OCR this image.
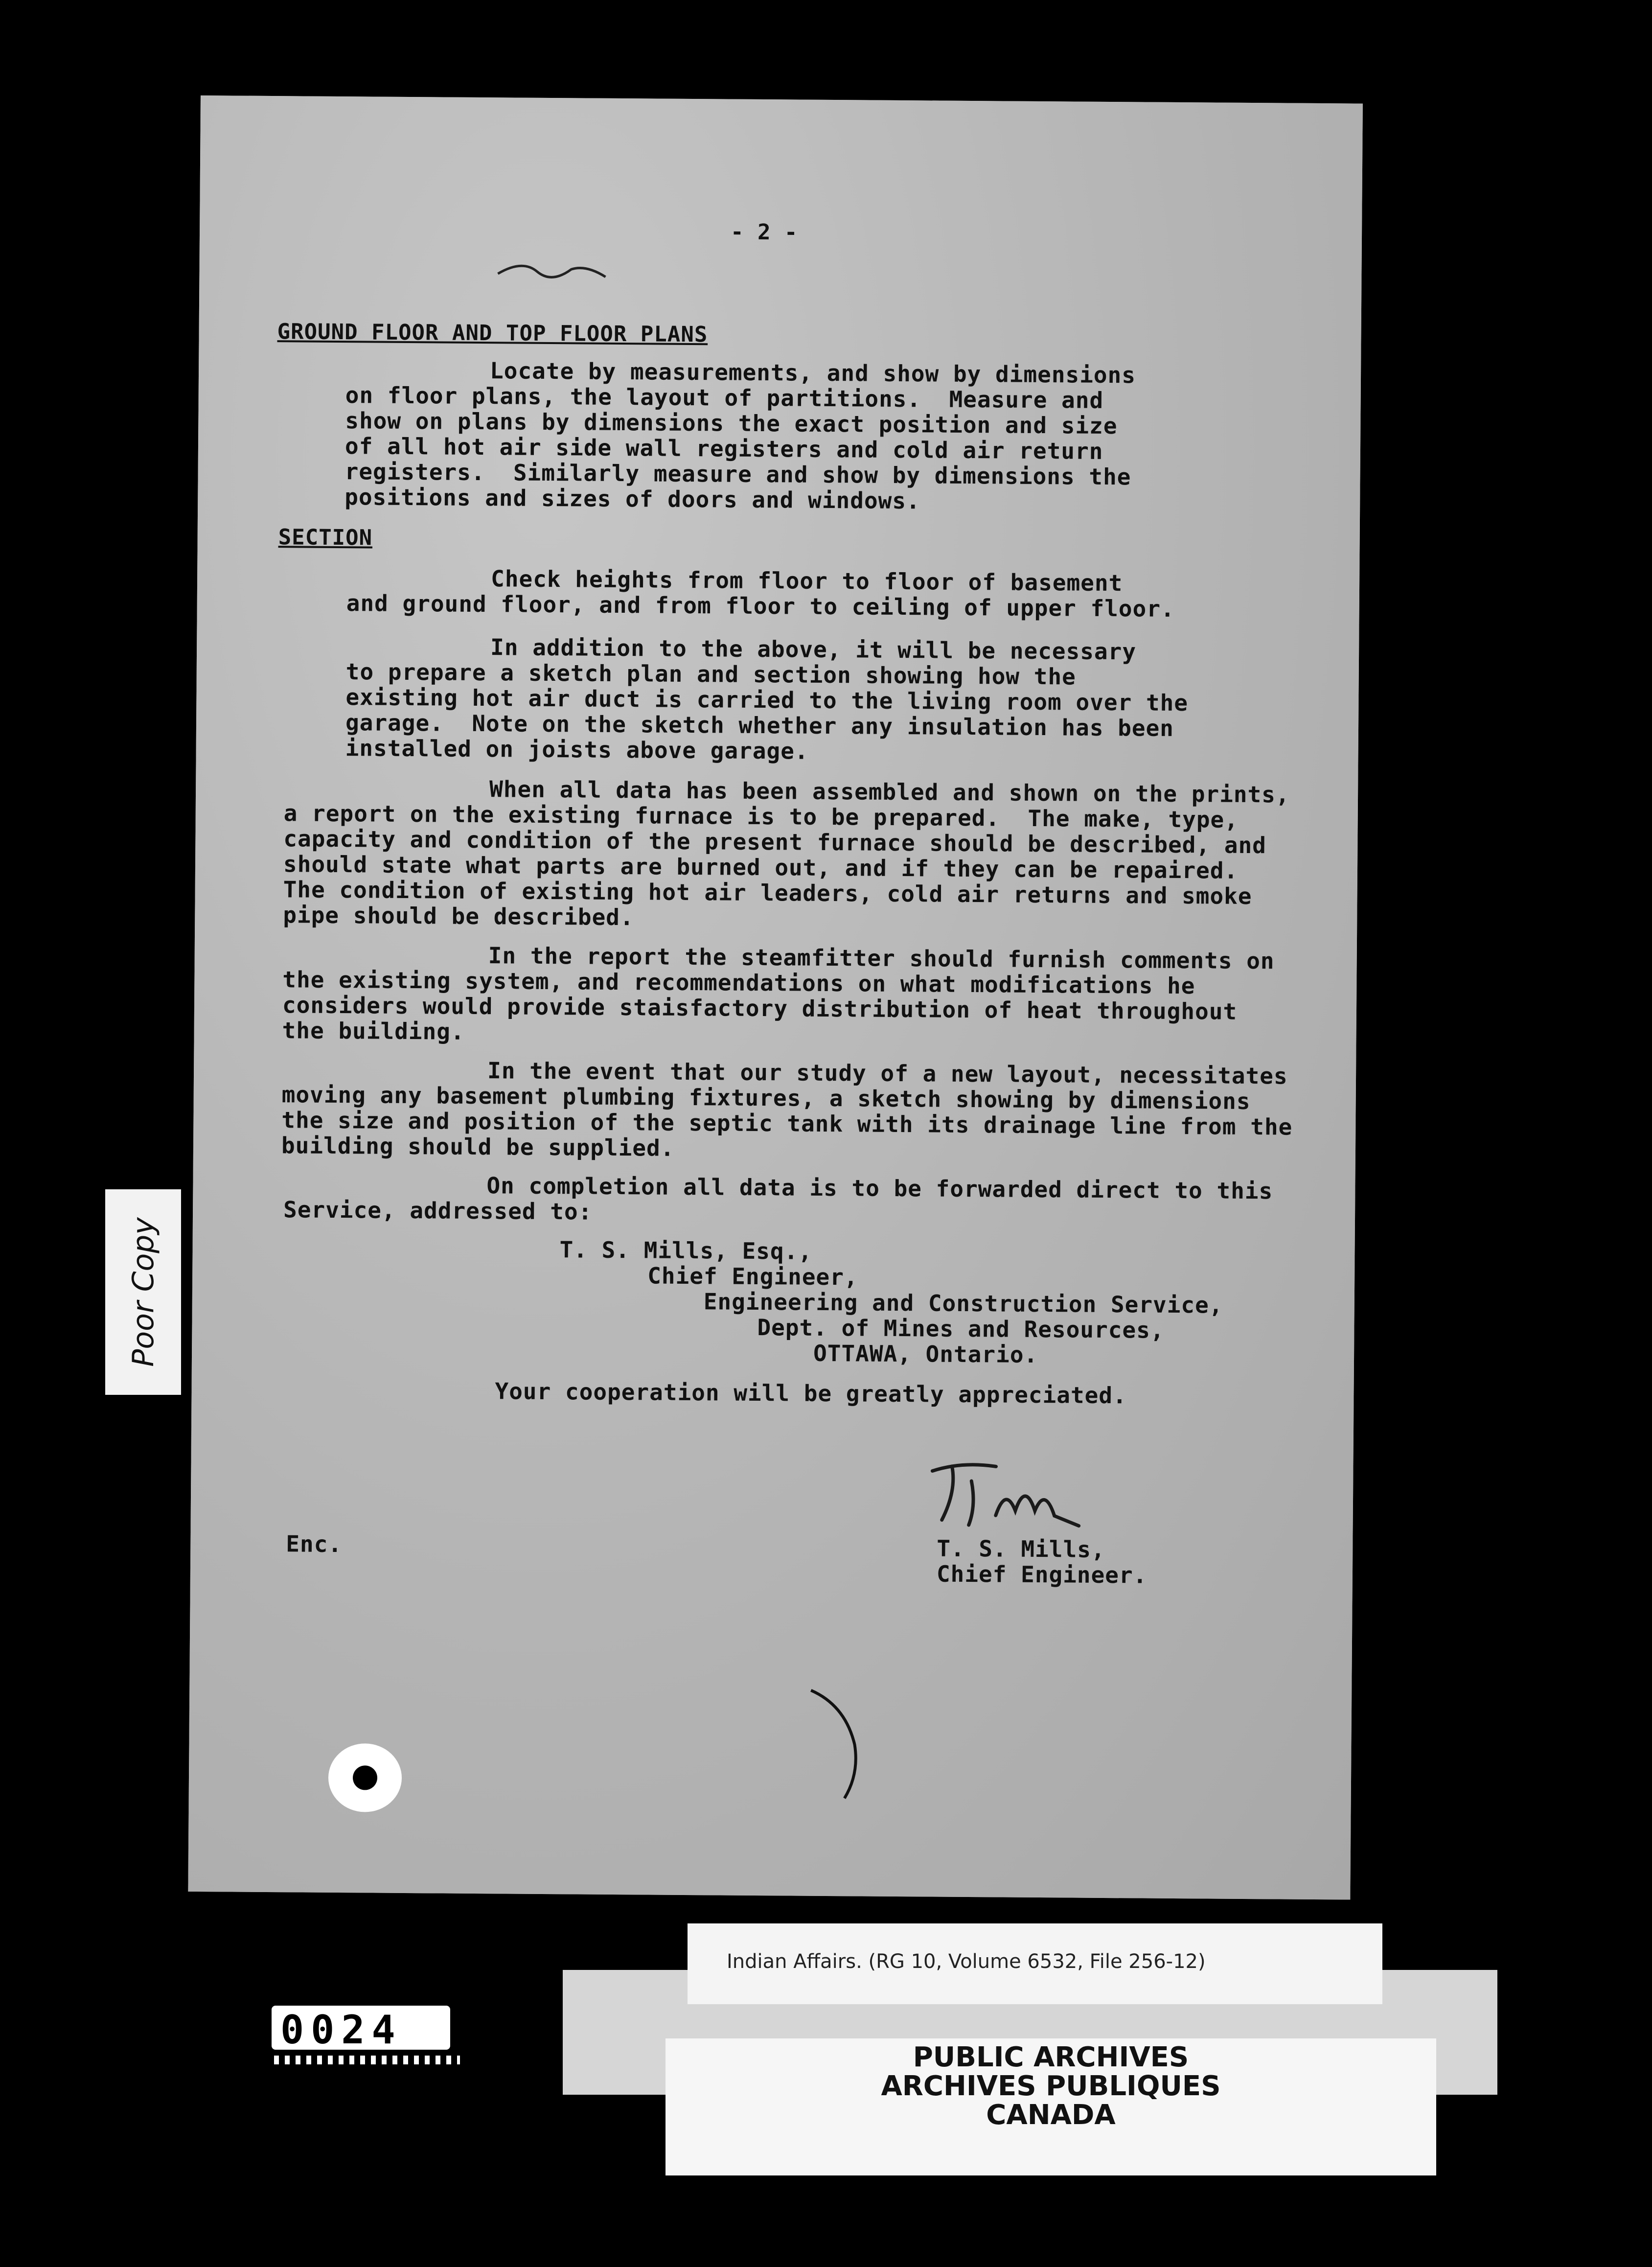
- 2 -
GROUND FLOOR AND TOP FLOOR PLANS
Locate by measurements, and show by dimensions
on floor plans, the layout of partitions.  Measure and
show on plans by dimensions the exact position and size
of all hot air side wall registers and cold air return
registers.  Similarly measure and show by dimensions the
positions and sizes of doors and windows.
SECTION
Check heights from floor to floor of basement
and ground floor, and from floor to ceiling of upper floor.
In addition to the above, it will be necessary
to prepare a sketch plan and section showing how the
existing hot air duct is carried to the living room over the
garage.  Note on the sketch whether any insulation has been
installed on joists above garage.
When all data has been assembled and shown on the prints,
a report on the existing furnace is to be prepared.  The make, type,
capacity and condition of the present furnace should be described, and
should state what parts are burned out, and if they can be repaired.
The condition of existing hot air leaders, cold air returns and smoke
pipe should be described.
In the report the steamfitter should furnish comments on
the existing system, and recommendations on what modifications he
considers would provide staisfactory distribution of heat throughout
the building.
In the event that our study of a new layout, necessitates
moving any basement plumbing fixtures, a sketch showing by dimensions
the size and position of the septic tank with its drainage line from the
building should be supplied.
On completion all data is to be forwarded direct to this
Service, addressed to:
T. S. Mills, Esq.,
Chief Engineer,
Engineering and Construction Service,
Dept. of Mines and Resources,
OTTAWA, Ontario.
Your cooperation will be greatly appreciated.
Enc.	T. S. Mills,
Chief Engineer.
Poor Copy
Indian Affairs. (RG 10, Volume 6532, File 256-12)
PUBLIC ARCHIVES
ARCHIVES PUBLIQUES
CANADA
0024
